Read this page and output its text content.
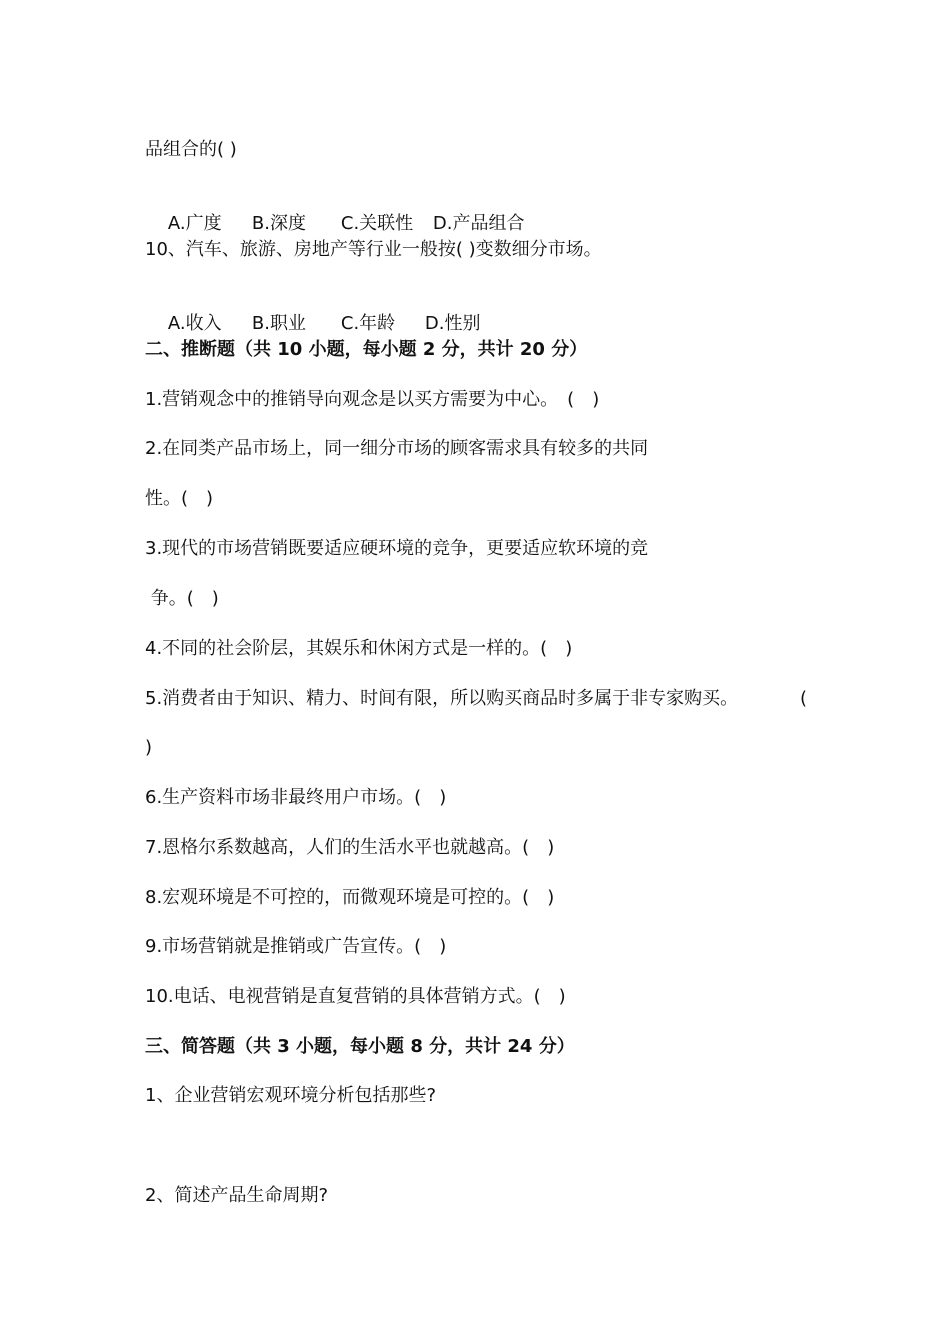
品组合的( )

A.广度 B.深度 C.关联性 D.产品组合

10、汽车、旅游、房地产等行业一般按( )变数细分市场。

A.收入 B.职业 C.年龄 D.性别

二、推断题（共 10 小题，每小题 2 分，共计 20 分）
1.营销观念中的推销导向观念是以买方需要为中心。　(　)
2.在同类产品市场上，同一细分市场的顾客需求具有较多的共同
性。(　)
3.现代的市场营销既要适应硬环境的竞争，更要适应软环境的竞
争。(　)
4.不同的社会阶层，其娱乐和休闲方式是一样的。(　)
5.消费者由于知识、精力、时间有限，所以购买商品时多属于非专家购买。	(
)
6.生产资料市场非最终用户市场。(　)
7.恩格尔系数越高，人们的生活水平也就越高。(　)
8.宏观环境是不可控的，而微观环境是可控的。(　)
9.市场营销就是推销或广告宣传。(　)
10.电话、电视营销是直复营销的具体营销方式。(　)
三、简答题（共 3 小题，每小题 8 分，共计 24 分）
1、企业营销宏观环境分析包括那些?
2、简述产品生命周期?
